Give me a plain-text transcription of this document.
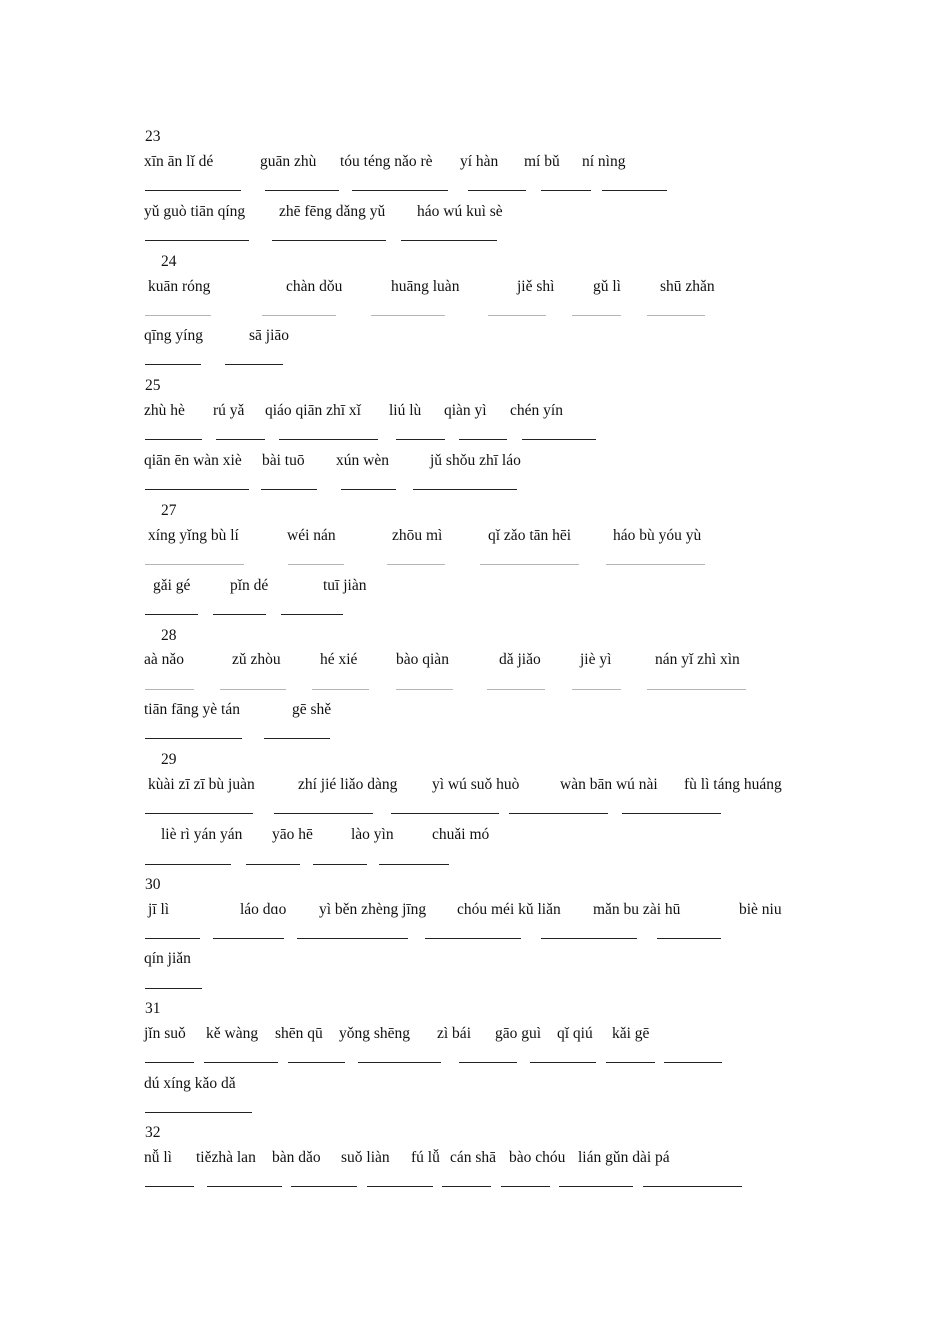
23
xīn ān lǐ dé	guān zhù tóu téng nǎo rè yí hàn mí bǔ ní nìng
yǔ guò tiān qíng zhē fēng dǎng yǔ háo wú kuì sè
24
kuān róng	chàn dǒu	huāng luàn	jiě shì gǔ lì	shū zhǎn
qīng yíng	sā jiāo
25
zhù hè rú yǎ qiáo qiān zhī xǐ liú lù qiàn yì chén yín
qiān ēn wàn xiè bài tuō xún wèn	jǔ shǒu zhī láo
27
xíng yǐng bù lí	wéi nán	zhōu mì	qǐ zǎo tān hēi	háo bù yóu yù
gǎi gé	pǐn dé	tuī jiàn
28
aà nǎo	zǔ zhòu	hé xié bào qiàn	dǎ jiǎo	jiè yì	nán yǐ zhì xìn
tiān fāng yè tán	gē shě
29
kùài zī zī bù juàn	zhí jié liǎo dàng yì wú suǒ huò	wàn bān wú nài fù lì táng huáng
liè rì yán yán yāo hē lào yìn chuǎi mó
30
jī lì	láo dɑo yì běn zhèng jīng chóu méi kǔ liǎn mǎn bu zài hū	biè niu
qín jiǎn
31
jǐn suǒ kě wàng shēn qū yǒng shēng zì bái gāo guì qǐ qiú kǎi gē
dú xíng kǎo dǎ
32
nǚ lì tiězhà lan bàn dǎo suǒ liàn fú lǚ cán shā bào chóu lián gǔn dài pá
